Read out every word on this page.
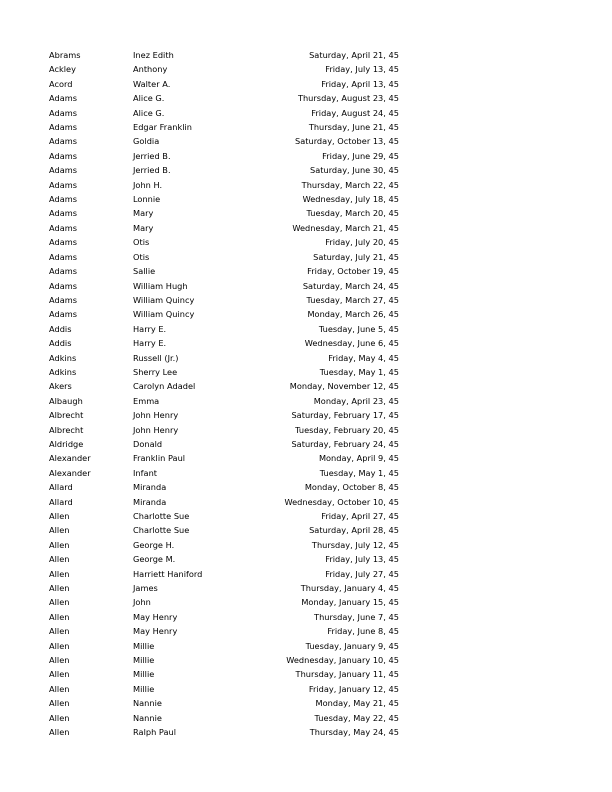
Abrams	Inez Edith	Saturday, April 21, 45
Ackley	Anthony	Friday, July 13, 45
Acord	Walter A.	Friday, April 13, 45
Adams	Alice G.	Thursday, August 23, 45
Adams	Alice G.	Friday, August 24, 45
Adams	Edgar Franklin	Thursday, June 21, 45
Adams	Goldia	Saturday, October 13, 45
Adams	Jerried B.	Friday, June 29, 45
Adams	Jerried B.	Saturday, June 30, 45
Adams	John H.	Thursday, March 22, 45
Adams	Lonnie	Wednesday, July 18, 45
Adams	Mary	Tuesday, March 20, 45
Adams	Mary	Wednesday, March 21, 45
Adams	Otis	Friday, July 20, 45
Adams	Otis	Saturday, July 21, 45
Adams	Sallie	Friday, October 19, 45
Adams	William Hugh	Saturday, March 24, 45
Adams	William Quincy	Tuesday, March 27, 45
Adams	William Quincy	Monday, March 26, 45
Addis	Harry E.	Tuesday, June 5, 45
Addis	Harry E.	Wednesday, June 6, 45
Adkins	Russell (Jr.)	Friday, May 4, 45
Adkins	Sherry Lee	Tuesday, May 1, 45
Akers	Carolyn Adadel	Monday, November 12, 45
Albaugh	Emma	Monday, April 23, 45
Albrecht	John Henry	Saturday, February 17, 45
Albrecht	John Henry	Tuesday, February 20, 45
Aldridge	Donald	Saturday, February 24, 45
Alexander	Franklin Paul	Monday, April 9, 45
Alexander	Infant	Tuesday, May 1, 45
Allard	Miranda	Monday, October 8, 45
Allard	Miranda	Wednesday, October 10, 45
Allen	Charlotte Sue	Friday, April 27, 45
Allen	Charlotte Sue	Saturday, April 28, 45
Allen	George H.	Thursday, July 12, 45
Allen	George M.	Friday, July 13, 45
Allen	Harriett Haniford	Friday, July 27, 45
Allen	James	Thursday, January 4, 45
Allen	John	Monday, January 15, 45
Allen	May Henry	Thursday, June 7, 45
Allen	May Henry	Friday, June 8, 45
Allen	Millie	Tuesday, January 9, 45
Allen	Millie	Wednesday, January 10, 45
Allen	Millie	Thursday, January 11, 45
Allen	Millie	Friday, January 12, 45
Allen	Nannie	Monday, May 21, 45
Allen	Nannie	Tuesday, May 22, 45
Allen	Ralph Paul	Thursday, May 24, 45
